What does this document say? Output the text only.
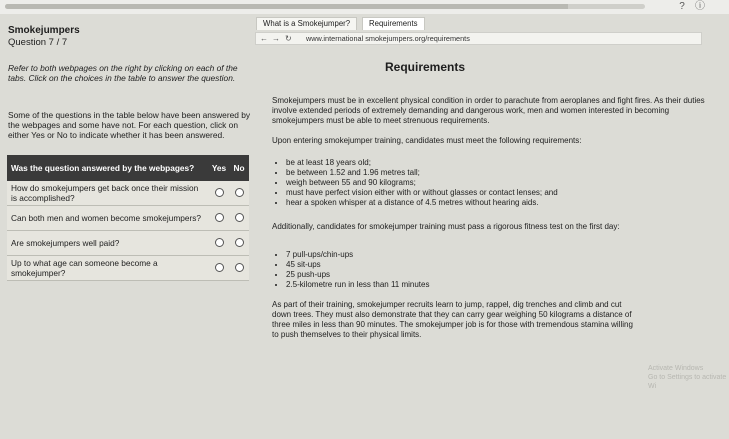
?	ⓘ
Smokejumpers
Question 7 / 7
Refer to both webpages on the right by clicking on each of the tabs. Click on the choices in the table to answer the question.
Some of the questions in the table below have been answered by the webpages and some have not. For each question, click on either Yes or No to indicate whether it has been answered.
Was the question answered by the webpages?	Yes	No
How do smokejumpers get back once their mission is accomplished?		
Can both men and women become smokejumpers?		
Are smokejumpers well paid?		
Up to what age can someone become a smokejumper?		
What is a Smokejumper?	Requirements
← → ↻ www.international smokejumpers.org/requirements
Requirements
Smokejumpers must be in excellent physical condition in order to parachute from aeroplanes and fight fires. As their duties involve extended periods of extremely demanding and dangerous work, men and women interested in becoming smokejumpers must be able to meet strenuous requirements.
Upon entering smokejumper training, candidates must meet the following requirements:
• be at least 18 years old;
• be between 1.52 and 1.96 metres tall;
• weigh between 55 and 90 kilograms;
• must have perfect vision either with or without glasses or contact lenses; and
• hear a spoken whisper at a distance of 4.5 metres without hearing aids.
Additionally, candidates for smokejumper training must pass a rigorous fitness test on the first day:
• 7 pull-ups/chin-ups
• 45 sit-ups
• 25 push-ups
• 2.5-kilometre run in less than 11 minutes
As part of their training, smokejumper recruits learn to jump, rappel, dig trenches and climb and cut down trees. They must also demonstrate that they can carry gear weighing 50 kilograms a distance of three miles in less than 90 minutes. The smokejumper job is for those with tremendous stamina willing to push themselves to their physical limits.
Activate Windows
Go to Settings to activate Wi
